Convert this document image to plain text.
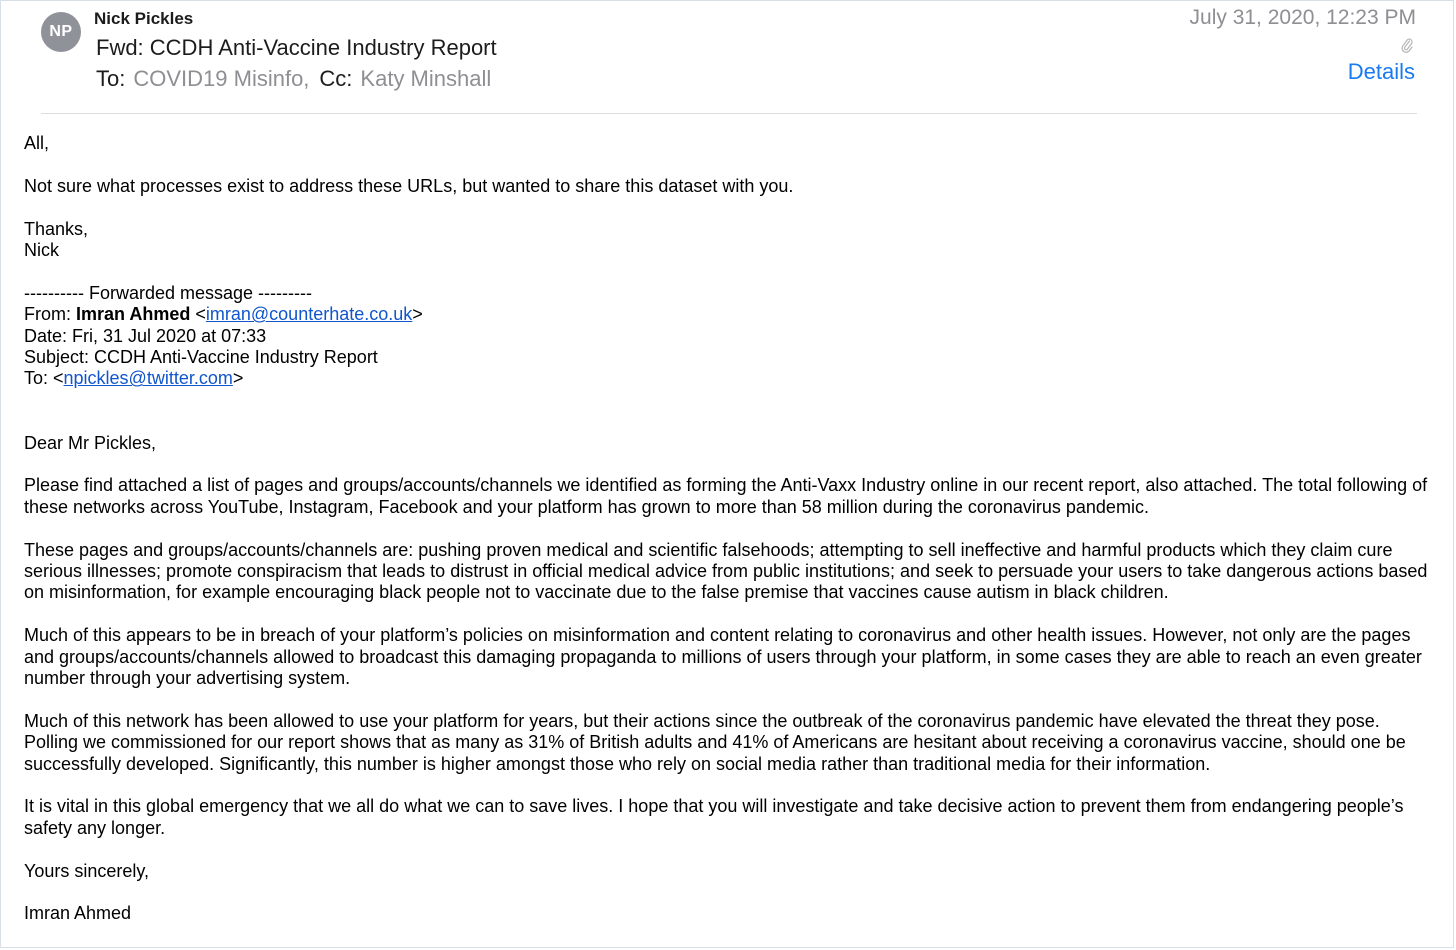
NP
Nick Pickles
Fwd: CCDH Anti-Vaccine Industry Report
To: COVID19 Misinfo, Cc: Katy Minshall
July 31, 2020, 12:23 PM
Details

All,

Not sure what processes exist to address these URLs, but wanted to share this dataset with you.

Thanks,
Nick

---------- Forwarded message ---------
From: Imran Ahmed <imran@counterhate.co.uk>
Date: Fri, 31 Jul 2020 at 07:33
Subject: CCDH Anti-Vaccine Industry Report
To: <npickles@twitter.com>

Dear Mr Pickles,

Please find attached a list of pages and groups/accounts/channels we identified as forming the Anti-Vaxx Industry online in our recent report, also attached. The total following of these networks across YouTube, Instagram, Facebook and your platform has grown to more than 58 million during the coronavirus pandemic.

These pages and groups/accounts/channels are: pushing proven medical and scientific falsehoods; attempting to sell ineffective and harmful products which they claim cure serious illnesses; promote conspiracism that leads to distrust in official medical advice from public institutions; and seek to persuade your users to take dangerous actions based on misinformation, for example encouraging black people not to vaccinate due to the false premise that vaccines cause autism in black children.

Much of this appears to be in breach of your platform’s policies on misinformation and content relating to coronavirus and other health issues. However, not only are the pages and groups/accounts/channels allowed to broadcast this damaging propaganda to millions of users through your platform, in some cases they are able to reach an even greater number through your advertising system.

Much of this network has been allowed to use your platform for years, but their actions since the outbreak of the coronavirus pandemic have elevated the threat they pose. Polling we commissioned for our report shows that as many as 31% of British adults and 41% of Americans are hesitant about receiving a coronavirus vaccine, should one be successfully developed. Significantly, this number is higher amongst those who rely on social media rather than traditional media for their information.

It is vital in this global emergency that we all do what we can to save lives. I hope that you will investigate and take decisive action to prevent them from endangering people’s safety any longer.

Yours sincerely,

Imran Ahmed
